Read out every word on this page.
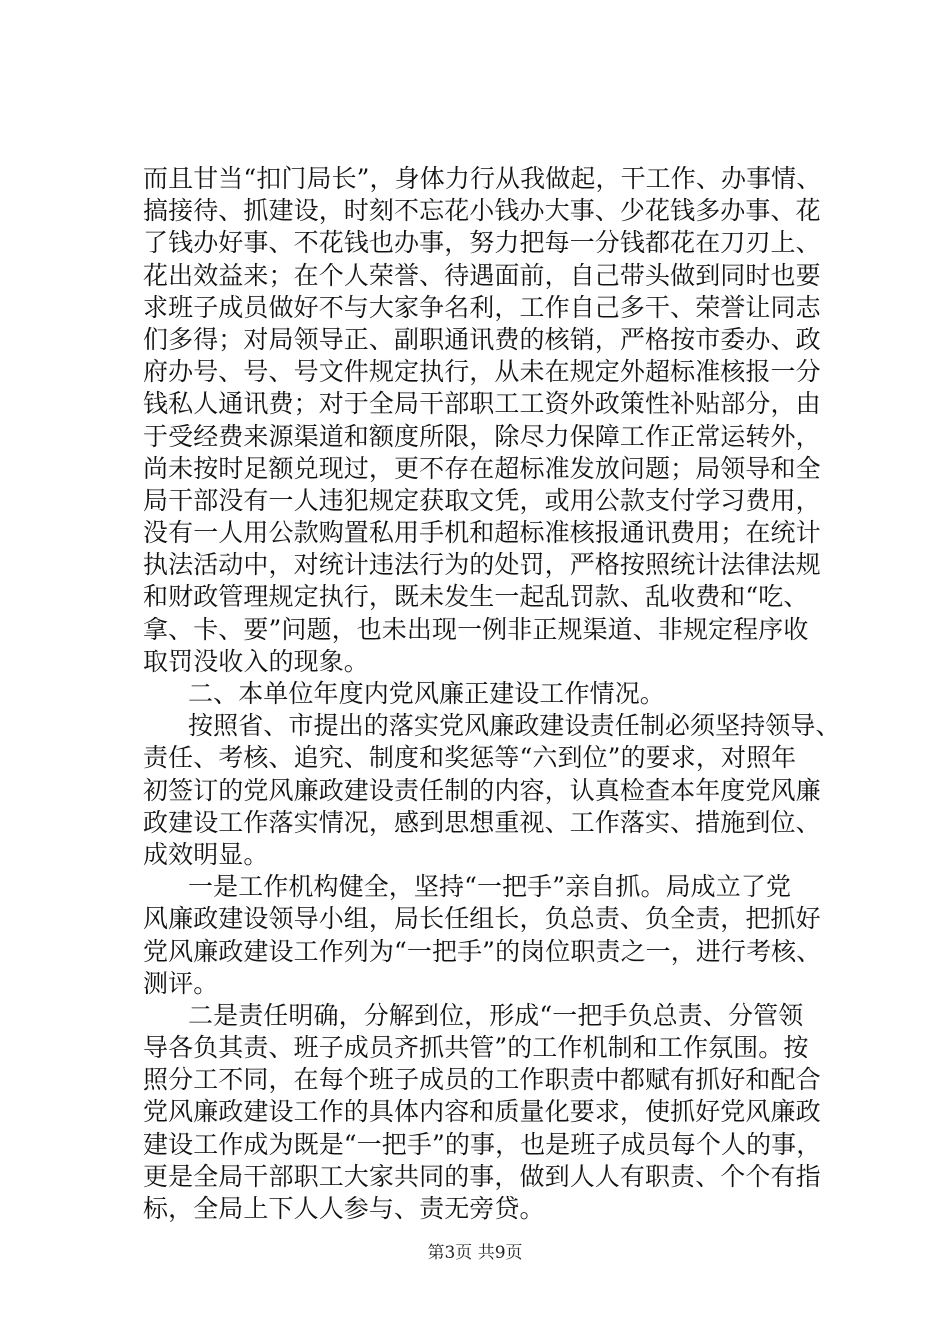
而且甘当“扣门局长”，身体力行从我做起，干工作、办事情、
搞接待、抓建设，时刻不忘花小钱办大事、少花钱多办事、花
了钱办好事、不花钱也办事，努力把每一分钱都花在刀刃上、
花出效益来；在个人荣誉、待遇面前，自己带头做到同时也要
求班子成员做好不与大家争名利，工作自己多干、荣誉让同志
们多得；对局领导正、副职通讯费的核销，严格按市委办、政
府办号、号、号文件规定执行，从未在规定外超标准核报一分
钱私人通讯费；对于全局干部职工工资外政策性补贴部分，由
于受经费来源渠道和额度所限，除尽力保障工作正常运转外，
尚未按时足额兑现过，更不存在超标准发放问题；局领导和全
局干部没有一人违犯规定获取文凭，或用公款支付学习费用，
没有一人用公款购置私用手机和超标准核报通讯费用；在统计
执法活动中，对统计违法行为的处罚，严格按照统计法律法规
和财政管理规定执行，既未发生一起乱罚款、乱收费和“吃、
拿、卡、要”问题，也未出现一例非正规渠道、非规定程序收
取罚没收入的现象。
二、本单位年度内党风廉正建设工作情况。
按照省、市提出的落实党风廉政建设责任制必须坚持领导、
责任、考核、追究、制度和奖惩等“六到位”的要求，对照年
初签订的党风廉政建设责任制的内容，认真检查本年度党风廉
政建设工作落实情况，感到思想重视、工作落实、措施到位、
成效明显。
一是工作机构健全，坚持“一把手”亲自抓。局成立了党
风廉政建设领导小组，局长任组长，负总责、负全责，把抓好
党风廉政建设工作列为“一把手”的岗位职责之一，进行考核、
测评。
二是责任明确，分解到位，形成“一把手负总责、分管领
导各负其责、班子成员齐抓共管”的工作机制和工作氛围。按
照分工不同，在每个班子成员的工作职责中都赋有抓好和配合
党风廉政建设工作的具体内容和质量化要求，使抓好党风廉政
建设工作成为既是“一把手”的事，也是班子成员每个人的事，
更是全局干部职工大家共同的事，做到人人有职责、个个有指
标，全局上下人人参与、责无旁贷。
第3页 共9页
